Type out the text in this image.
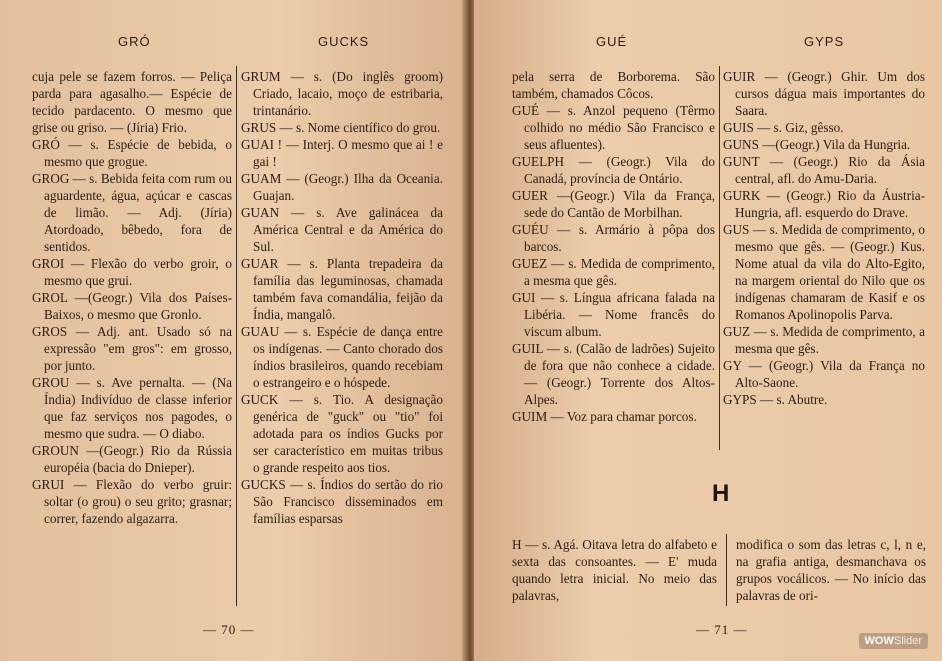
GRÓ	GUCKS

cuja pele se fazem forros. — Peliça parda para agasalho.— Espécie de tecido pardacento. O mesmo que grise ou griso. — (Jíria) Frio.

GRÓ — s. Espécie de bebida, o mesmo que grogue.

GROG — s. Bebida feita com rum ou aguardente, água, açúcar e cascas de limão. — Adj. (Jíria) Atordoado, bêbedo, fora de sentidos.

GROI — Flexão do verbo groir, o mesmo que grui.

GROL —(Geogr.) Vila dos Países-Baixos, o mesmo que Gronlo.

GROS — Adj. ant. Usado só na expressão "em gros": em grosso, por junto.

GROU — s. Ave pernalta. — (Na Índia) Indivíduo de classe inferior que faz serviços nos pagodes, o mesmo que sudra. — O diabo.

GROUN —(Geogr.) Rio da Rússia européia (bacia do Dnieper).

GRUI — Flexão do verbo gruir: soltar (o grou) o seu grito; grasnar; correr, fazendo algazarra.

GRUM — s. (Do inglês groom) Criado, lacaio, moço de estribaria, trintanário.

GRUS — s. Nome científico do grou.

GUAI ! — Interj. O mesmo que ai ! e gai !

GUAM — (Geogr.) Ilha da Oceania. Guajan.

GUAN — s. Ave galinácea da América Central e da América do Sul.

GUAR — s. Planta trepadeira da família das leguminosas, chamada também fava comandália, feijão da Índia, mangalô.

GUAU — s. Espécie de dança entre os indígenas. — Canto chorado dos índios brasileiros, quando recebiam o estrangeiro e o hóspede.

GUCK — s. Tio. A designação genérica de "guck" ou "tio" foi adotada para os índios Gucks por ser característico em muitas tribus o grande respeito aos tios.

GUCKS — s. Índios do sertão do rio São Francisco disseminados em famílias esparsas

— 70 —
GUÉ	GYPS

pela serra de Borborema. São também, chamados Côcos.

GUÉ — s. Anzol pequeno (Têrmo colhido no médio São Francisco e seus afluentes).

GUELPH — (Geogr.) Vila do Canadá, província de Ontário.

GUER —(Geogr.) Vila da França, sede do Cantão de Morbilhan.

GUÉU — s. Armário à pôpa dos barcos.

GUEZ — s. Medida de comprimento, a mesma que gês.

GUI — s. Língua africana falada na Libéria. — Nome francês do viscum album.

GUIL — s. (Calão de ladrões) Sujeito de fora que não conhece a cidade. — (Geogr.) Torrente dos Altos-Alpes.

GUIM — Voz para chamar porcos.

GUIR — (Geogr.) Ghir. Um dos cursos dágua mais importantes do Saara.

GUIS — s. Giz, gêsso.

GUNS —(Geogr.) Vila da Hungria.

GUNT — (Geogr.) Rio da Ásia central, afl. do Amu-Daria.

GURK — (Geogr.) Rio da Áustria-Hungria, afl. esquerdo do Drave.

GUS — s. Medida de comprimento, o mesmo que gês. — (Geogr.) Kus. Nome atual da vila do Alto-Egito, na margem oriental do Nilo que os indígenas chamaram de Kasif e os Romanos Apolinopolis Parva.

GUZ — s. Medida de comprimento, a mesma que gês.

GY — (Geogr.) Vila da França no Alto-Saone.

GYPS — s. Abutre.

H

H — s. Agá. Oitava letra do alfabeto e sexta das consoantes. — E' muda quando letra inicial. No meio das palavras,

modifica o som das letras c, l, n e, na grafia antiga, desmanchava os grupos vocálicos. — No início das palavras de ori-

— 71 —
WOWSlider
